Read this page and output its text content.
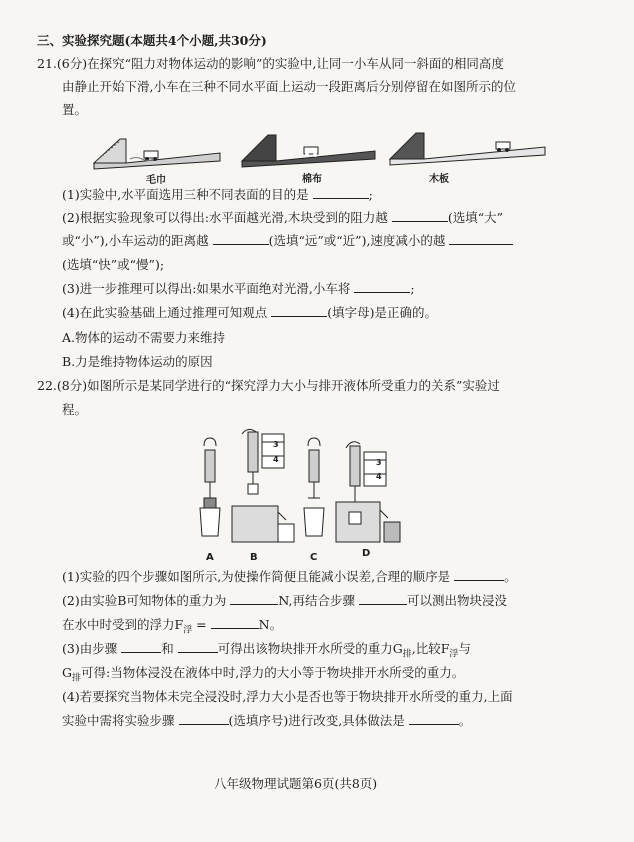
三、实验探究题(本题共4个小题,共30分)
21.(6分)在探究“阻力对物体运动的影响”的实验中,让同一小车从同一斜面的相同高度
由静止开始下滑,小车在三种不同水平面上运动一段距离后分别停留在如图所示的位
置。
毛巾	棉布	木板
(1)实验中,水平面选用三种不同表面的目的是	;
(2)根据实验现象可以得出:水平面越光滑,木块受到的阻力越	(选填“大”
或“小”),小车运动的距离越	(选填“远”或“近”),速度减小的越
(选填“快”或“慢”);
(3)进一步推理可以得出:如果水平面绝对光滑,小车将	;
(4)在此实验基础上通过推理可知观点	(填字母)是正确的。
A.物体的运动不需要力来维持
B.力是维持物体运动的原因
22.(8分)如图所示是某同学进行的“探究浮力大小与排开液体所受重力的关系”实验过
程。
3
4	3
4
A	B	C	D
(1)实验的四个步骤如图所示,为使操作简便且能减小误差,合理的顺序是	。
(2)由实验B可知物体的重力为	N,再结合步骤	可以测出物块浸没
在水中时受到的浮力$F_浮$ =	N。
(3)由步骤	和	可得出该物块排开水所受的重力$G_排$,比较$F_浮$与
$G_排$可得:当物体浸没在液体中时,浮力的大小等于物块排开水所受的重力。
(4)若要探究当物体未完全浸没时,浮力大小是否也等于物块排开水所受的重力,上面
实验中需将实验步骤	(选填序号)进行改变,具体做法是	。
八年级物理试题第6页(共8页)
